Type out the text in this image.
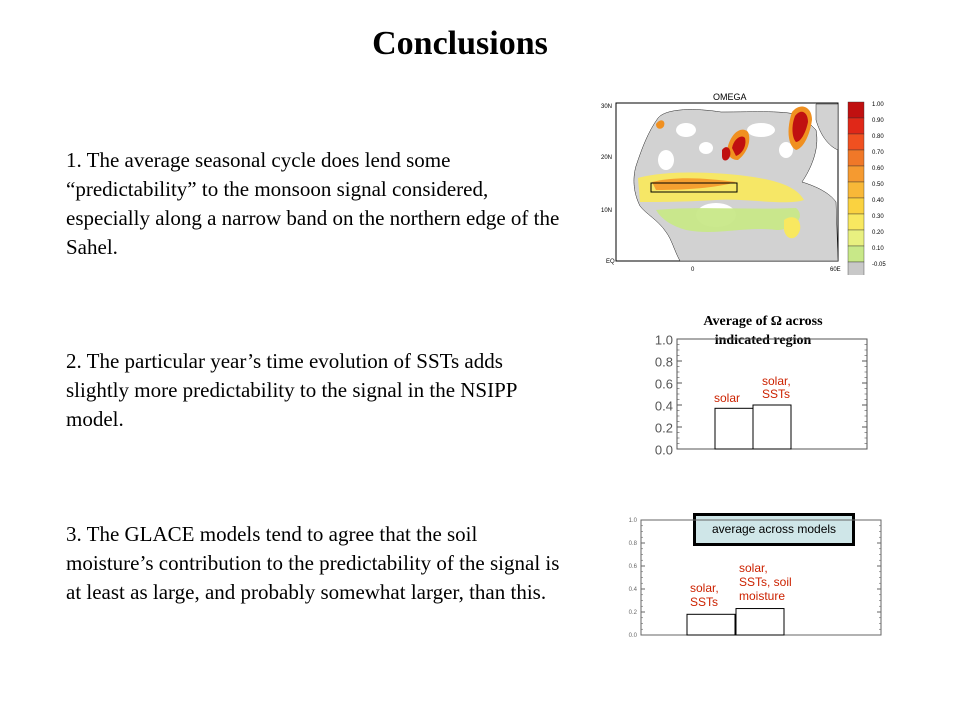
Conclusions
1. The average seasonal cycle does lend some “predictability” to the monsoon signal considered, especially along a narrow band on the northern edge of the Sahel.
2. The particular year’s time evolution of SSTs adds slightly more predictability to the signal in the NSIPP model.
3. The GLACE models tend to agree that the soil moisture’s contribution to the predictability of the signal is at least as large, and probably somewhat larger, than this.
OMEGA
30N
20N
10N
EQ
0	60E
1.00
0.90
0.80
0.70
0.60
0.50
0.40
0.30
0.20
0.10
-0.05
Average of Ω across indicated region
1.0
0.8
0.6
0.4
0.2
0.0
solar
solar,
SSTs
average across models
1.0
0.8
0.6
0.4
0.2
0.0
solar,
SSTs
solar,
SSTs, soil
moisture
